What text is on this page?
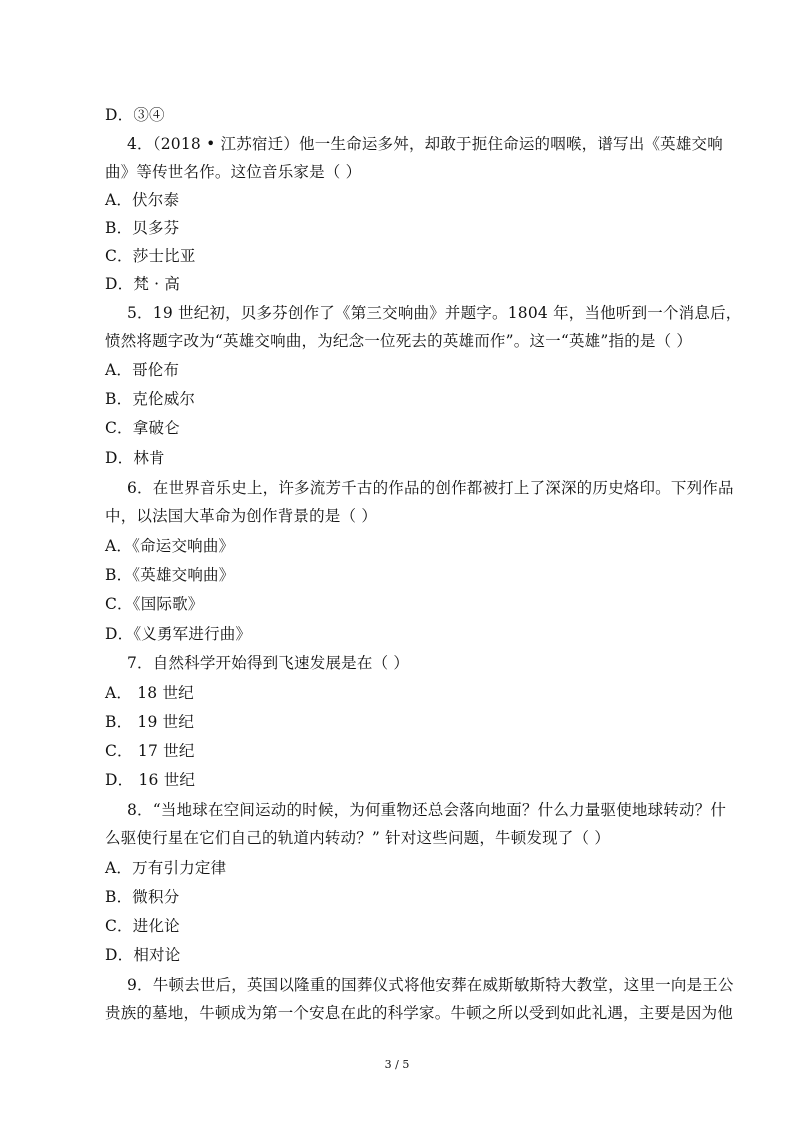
3 / 5
D．③④
4．（2018 • 江苏宿迁）他一生命运多舛，却敢于扼住命运的咽喉，谱写出《英雄交响
曲》等传世名作。这位音乐家是（ ）
A．伏尔泰
B．贝多芬
C．莎士比亚
D．梵 · 高
5．19 世纪初，贝多芬创作了《第三交响曲》并题字。1804 年，当他听到一个消息后，
愤然将题字改为“英雄交响曲，为纪念一位死去的英雄而作”。这一“英雄”指的是（ ）
A．哥伦布
B．克伦威尔
C．拿破仑
D．林肯
6．在世界音乐史上，许多流芳千古的作品的创作都被打上了深深的历史烙印。下列作品
中，以法国大革命为创作背景的是（ ）
A．《命运交响曲》
B．《英雄交响曲》
C．《国际歌》
D．《义勇军进行曲》
7．自然科学开始得到飞速发展是在（ ）
A． 18 世纪
B． 19 世纪
C． 17 世纪
D． 16 世纪
8．“当地球在空间运动的时候，为何重物还总会落向地面？什么力量驱使地球转动？什
么驱使行星在它们自己的轨道内转动？” 针对这些问题，牛顿发现了（ ）
A．万有引力定律
B．微积分
C．进化论
D．相对论
9．牛顿去世后，英国以隆重的国葬仪式将他安葬在威斯敏斯特大教堂，这里一向是王公
贵族的墓地，牛顿成为第一个安息在此的科学家。牛顿之所以受到如此礼遇，主要是因为他
